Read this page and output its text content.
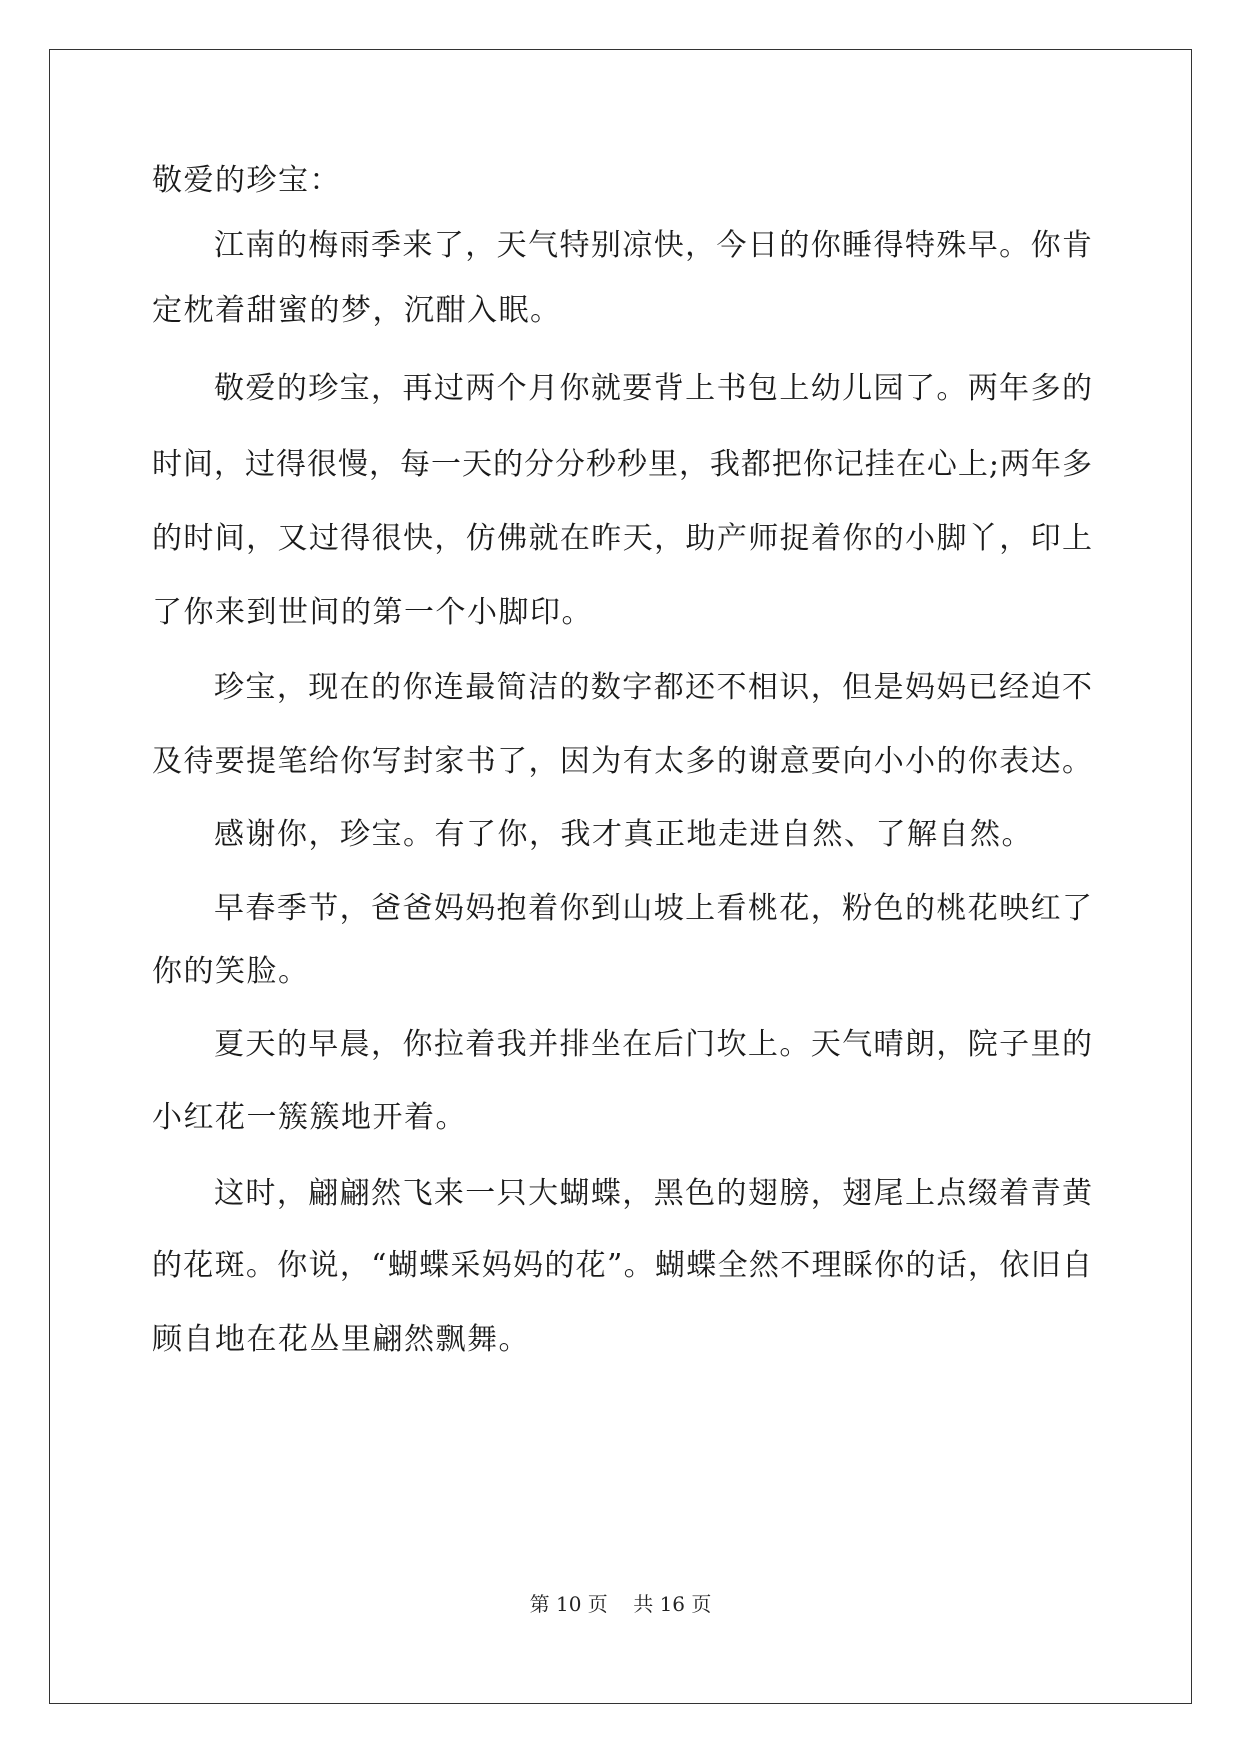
敬爱的珍宝：
江南的梅雨季来了，天气特别凉快，今日的你睡得特殊早。你肯
定枕着甜蜜的梦，沉酣入眠。
敬爱的珍宝，再过两个月你就要背上书包上幼儿园了。两年多的
时间，过得很慢，每一天的分分秒秒里，我都把你记挂在心上;两年多
的时间，又过得很快，仿佛就在昨天，助产师捉着你的小脚丫，印上
了你来到世间的第一个小脚印。
珍宝，现在的你连最简洁的数字都还不相识，但是妈妈已经迫不
及待要提笔给你写封家书了，因为有太多的谢意要向小小的你表达。
感谢你，珍宝。有了你，我才真正地走进自然、了解自然。
早春季节，爸爸妈妈抱着你到山坡上看桃花，粉色的桃花映红了
你的笑脸。
夏天的早晨，你拉着我并排坐在后门坎上。天气晴朗，院子里的
小红花一簇簇地开着。
这时，翩翩然飞来一只大蝴蝶，黑色的翅膀，翅尾上点缀着青黄
的花斑。你说，“蝴蝶采妈妈的花”。蝴蝶全然不理睬你的话，依旧自
顾自地在花丛里翩然飘舞。
第 10 页 共 16 页
